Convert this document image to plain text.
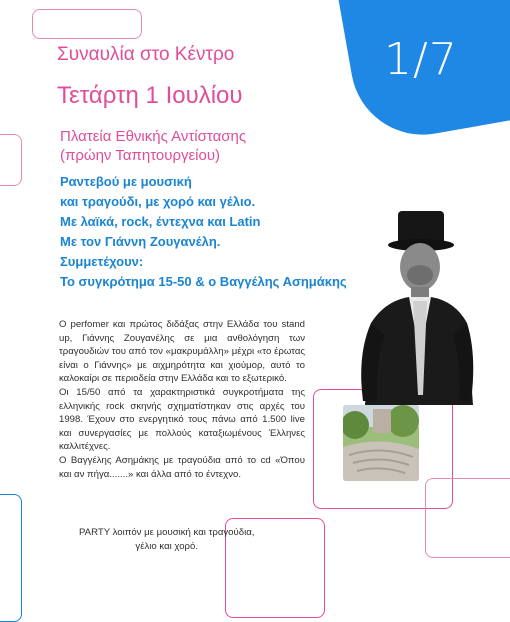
1/7
Συναυλία στο Κέντρο
Τετάρτη 1 Ιουλίου
Πλατεία Εθνικής Αντίστασης
(πρώην Ταπητουργείου)
Ραντεβού με μουσική
και τραγούδι, με χορό και γέλιο.
Με λαϊκά, rock, έντεχνα και Latin
Με τον Γιάννη Ζουγανέλη.
Συμμετέχουν:
Το συγκρότημα 15-50 & ο Βαγγέλης Ασημάκης

Ο perfomer και πρώτος διδάξας στην Ελλάδα του stand up, Γιάννης Ζουγανέλης σε μια ανθολόγηση των τραγουδιών του από τον «μακρυμάλλη» μέχρι «το έρωτας είναι ο Γιάννης» με αιχμηρότητα και χιούμορ, αυτό το καλοκαίρι σε περιοδεία στην Ελλάδα και το εξωτερικό.

Οι 15/50 από τα χαρακτηριστικά συγκροτήματα της ελληνικής rock σκηνής σχηματίστηκαν στις αρχές του 1998. Έχουν στο ενεργητικό τους πάνω από 1.500 live και συνεργασίες με πολλούς καταξιωμένους Έλληνες καλλιτέχνες.

Ο Βαγγέλης Ασημάκης με τραγούδια από το cd «Όπου και αν πήγα.......» και άλλα από το έντεχνο.

PARTY λοιπόν με μουσική και τραγούδια,
γέλιο και χορό.
